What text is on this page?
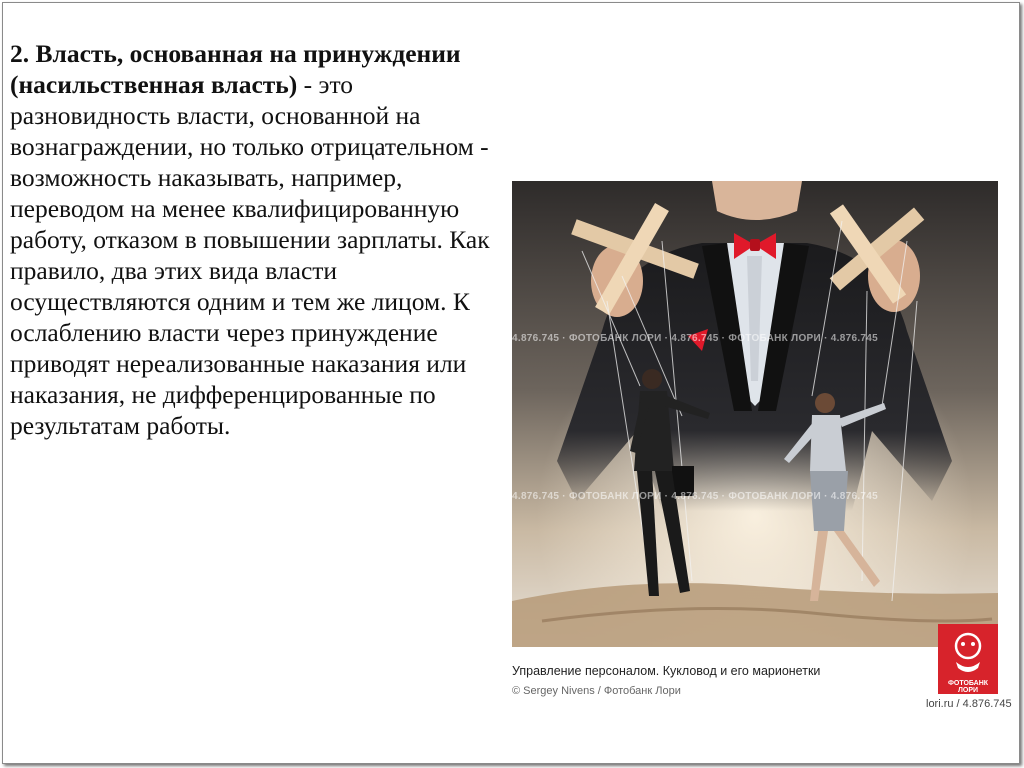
2. Власть, основанная на принуждении (насильственная власть) - это разновидность власти, основанной на вознаграждении, но только отрицательном - возможность наказывать, например, переводом на менее квалифицированную работу, отказом в повышении зарплаты. Как правило, два этих вида власти осуществляются одним и тем же лицом. К ослаблению власти через принуждение приводят нереализованные наказания или наказания, не дифференцированные по результатам работы.

4.876.745 · ФОТОБАНК ЛОРИ · 4.876.745 · ФОТОБАНК ЛОРИ · 4.876.745
4.876.745 · ФОТОБАНК ЛОРИ · 4.876.745 · ФОТОБАНК ЛОРИ · 4.876.745
Управление персоналом. Кукловод и его марионетки
© Sergey Nivens / Фотобанк Лори
ФОТОБАНК ЛОРИ
lori.ru / 4.876.745
